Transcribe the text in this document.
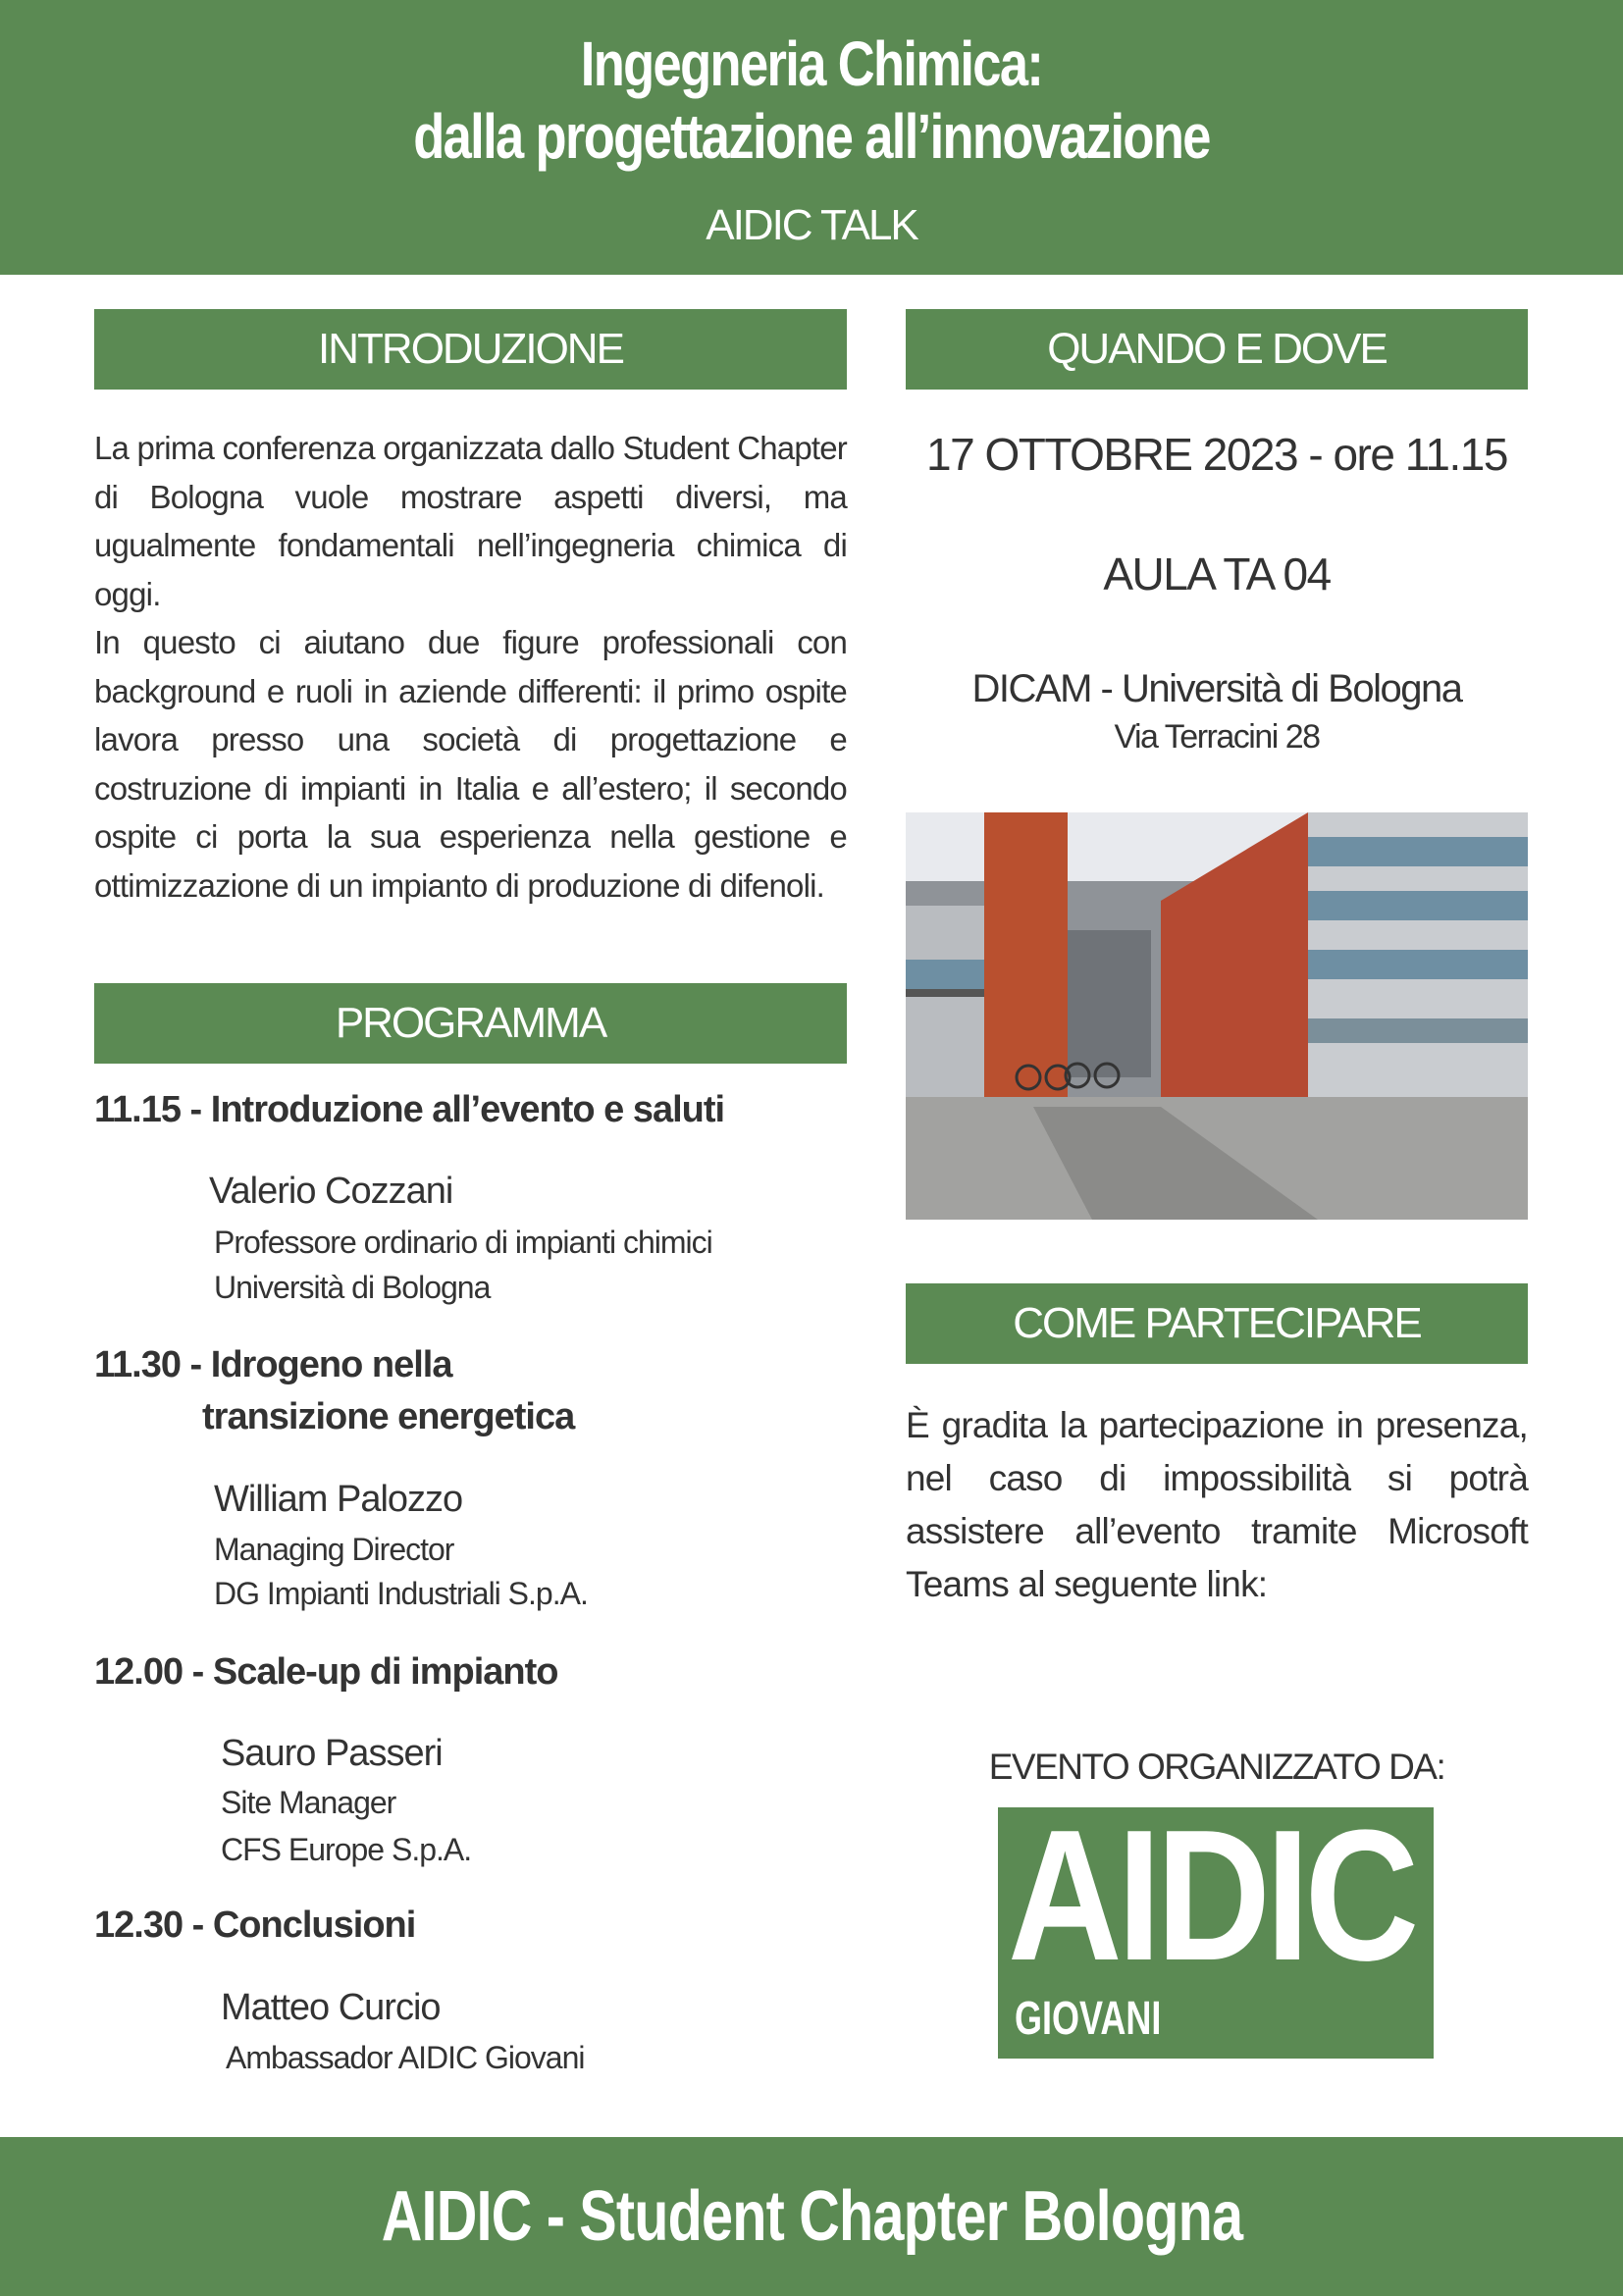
Ingegneria Chimica:
dalla progettazione all’innovazione
AIDIC TALK
INTRODUZIONE

La prima conferenza organizzata dallo Student Chapter di Bologna vuole mostrare aspetti diversi, ma ugualmente fondamentali nell’ingegneria chimica di oggi.

In questo ci aiutano due figure professionali con background e ruoli in aziende differenti: il primo ospite lavora presso una società di progettazione e costruzione di impianti in Italia e all’estero; il secondo ospite ci porta la sua esperienza nella gestione e ottimizzazione di un impianto di produzione di difenoli.

PROGRAMMA
11.15 - Introduzione all’evento e saluti
Valerio Cozzani
Professore ordinario di impianti chimici
Università di Bologna
11.30 - Idrogeno nella
transizione energetica
William Palozzo
Managing Director
DG Impianti Industriali S.p.A.
12.00 - Scale-up di impianto
Sauro Passeri
Site Manager
CFS Europe S.p.A.
12.30 - Conclusioni
Matteo Curcio
Ambassador AIDIC Giovani
QUANDO E DOVE
17 OTTOBRE 2023 - ore 11.15
AULA TA 04
DICAM - Università di Bologna
Via Terracini 28
COME PARTECIPARE
È gradita la partecipazione in presenza, nel caso di impossibilità si potrà assistere all’evento tramite Microsoft Teams al seguente link:
EVENTO ORGANIZZATO DA:
AIDIC
GIOVANI
AIDIC - Student Chapter Bologna
